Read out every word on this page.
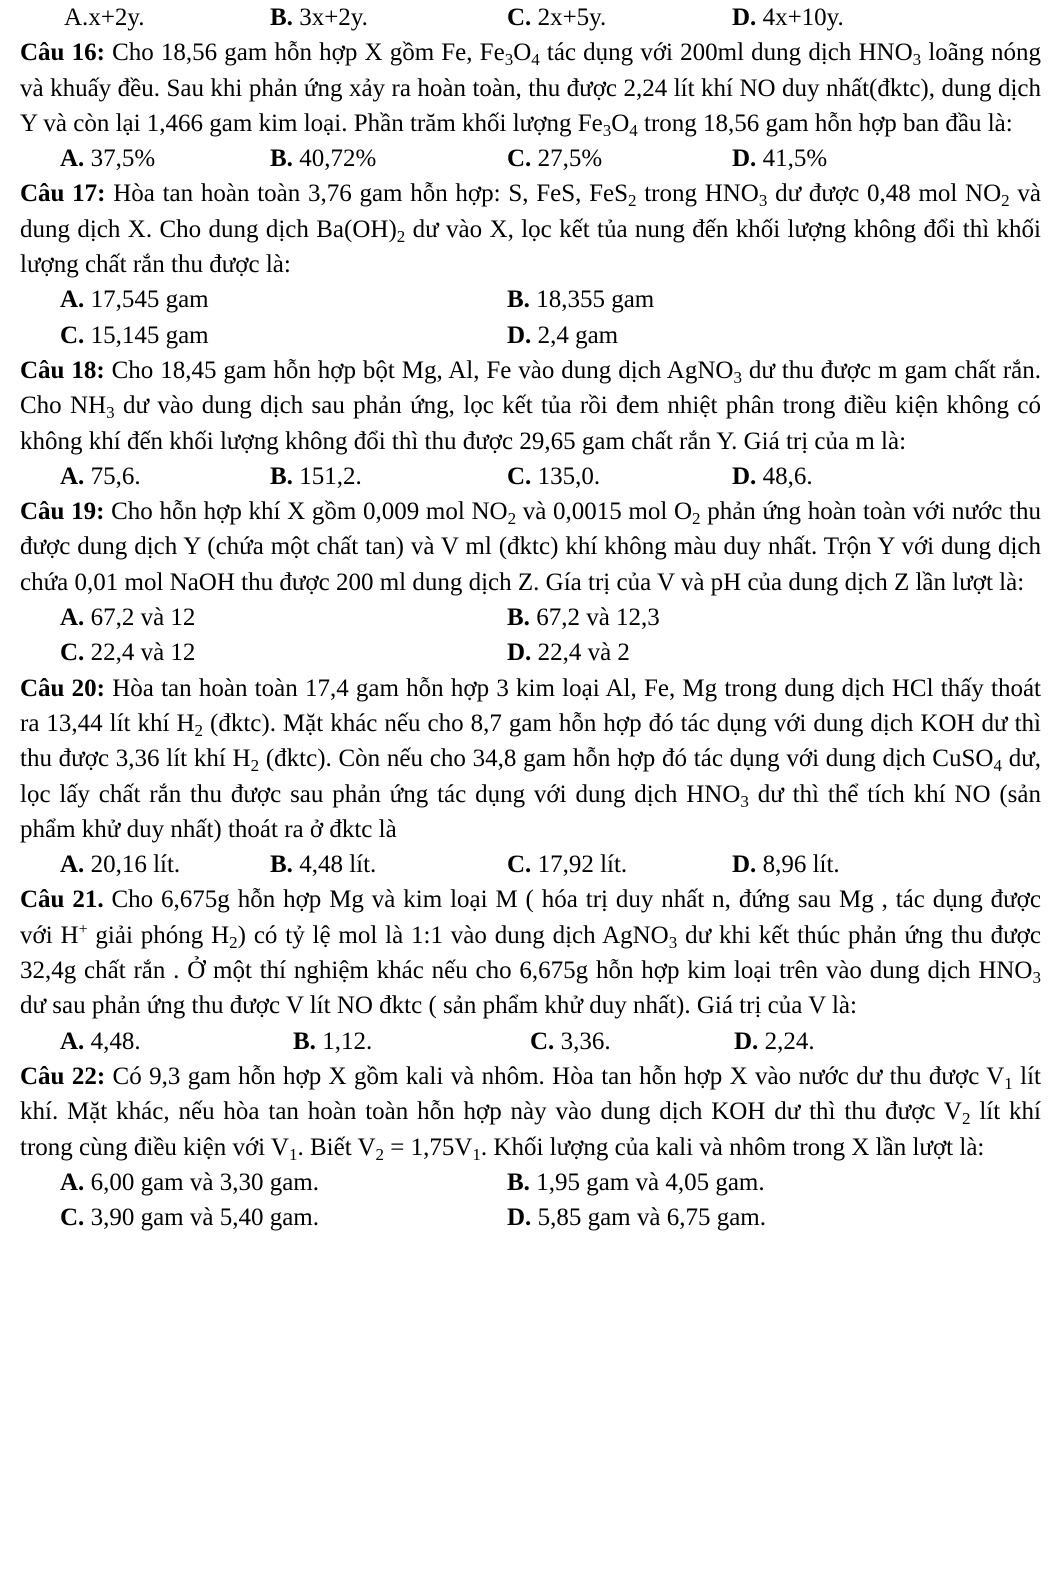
A.x+2y.	B. 3x+2y.	C. 2x+5y.	D. 4x+10y.

Câu 16: Cho 18,56 gam hỗn hợp X gồm Fe, $Fe_3O_4$ tác dụng với 200ml dung dịch $HNO_3$ loãng nóng và khuấy đều. Sau khi phản ứng xảy ra hoàn toàn, thu được 2,24 lít khí NO duy nhất(đktc), dung dịch Y và còn lại 1,466 gam kim loại. Phần trăm khối lượng $Fe_3O_4$ trong 18,56 gam hỗn hợp ban đầu là:

A. 37,5%	B. 40,72%	C. 27,5%	D. 41,5%

Câu 17: Hòa tan hoàn toàn 3,76 gam hỗn hợp: S, FeS, FeS$_2$ trong $HNO_3$ dư được 0,48 mol $NO_2$ và dung dịch X. Cho dung dịch $Ba(OH)_2$ dư vào X, lọc kết tủa nung đến khối lượng không đổi thì khối lượng chất rắn thu được là:

A. 17,545 gam	B. 18,355 gam
C. 15,145 gam	D. 2,4 gam

Câu 18: Cho 18,45 gam hỗn hợp bột Mg, Al, Fe vào dung dịch AgNO$_3$ dư thu được m gam chất rắn. Cho $NH_3$ dư vào dung dịch sau phản ứng, lọc kết tủa rồi đem nhiệt phân trong điều kiện không có không khí đến khối lượng không đổi thì thu được 29,65 gam chất rắn Y. Giá trị của m là:

A. 75,6.	B. 151,2.	C. 135,0.	D. 48,6.

Câu 19: Cho hỗn hợp khí X gồm 0,009 mol $NO_2$ và 0,0015 mol $O_2$ phản ứng hoàn toàn với nước thu được dung dịch Y (chứa một chất tan) và V ml (đktc) khí không màu duy nhất. Trộn Y với dung dịch chứa 0,01 mol NaOH thu được 200 ml dung dịch Z. Gía trị của V và pH của dung dịch Z lần lượt là:

A. 67,2 và 12	B. 67,2 và 12,3
C. 22,4 và 12	D. 22,4 và 2

Câu 20: Hòa tan hoàn toàn 17,4 gam hỗn hợp 3 kim loại Al, Fe, Mg trong dung dịch HCl thấy thoát ra 13,44 lít khí $H_2$ (đktc). Mặt khác nếu cho 8,7 gam hỗn hợp đó tác dụng với dung dịch KOH dư thì thu được 3,36 lít khí $H_2$ (đktc). Còn nếu cho 34,8 gam hỗn hợp đó tác dụng với dung dịch CuSO$_4$ dư, lọc lấy chất rắn thu được sau phản ứng tác dụng với dung dịch $HNO_3$ dư thì thể tích khí NO (sản phẩm khử duy nhất) thoát ra ở đktc là

A. 20,16 lít.	B. 4,48 lít.	C. 17,92 lít.	D. 8,96 lít.

Câu 21. Cho 6,675g hỗn hợp Mg và kim loại M ( hóa trị duy nhất n, đứng sau Mg , tác dụng được với H+ giải phóng $H_2$) có tỷ lệ mol là 1:1 vào dung dịch AgNO$_3$ dư khi kết thúc phản ứng thu được 32,4g chất rắn . Ở một thí nghiệm khác nếu cho 6,675g hỗn hợp kim loại trên vào dung dịch $HNO_3$ dư sau phản ứng thu được V lít NO đktc ( sản phẩm khử duy nhất). Giá trị của V là:

A. 4,48.	B. 1,12.	C. 3,36.	D. 2,24.

Câu 22: Có 9,3 gam hỗn hợp X gồm kali và nhôm. Hòa tan hỗn hợp X vào nước dư thu được $V_1$ lít khí. Mặt khác, nếu hòa tan hoàn toàn hỗn hợp này vào dung dịch KOH dư thì thu được $V_2$ lít khí trong cùng điều kiện với $V_1$. Biết $V_2 = 1,75V_1$. Khối lượng của kali và nhôm trong X lần lượt là:

A. 6,00 gam và 3,30 gam.	B. 1,95 gam và 4,05 gam.
C. 3,90 gam và 5,40 gam.	D. 5,85 gam và 6,75 gam.
